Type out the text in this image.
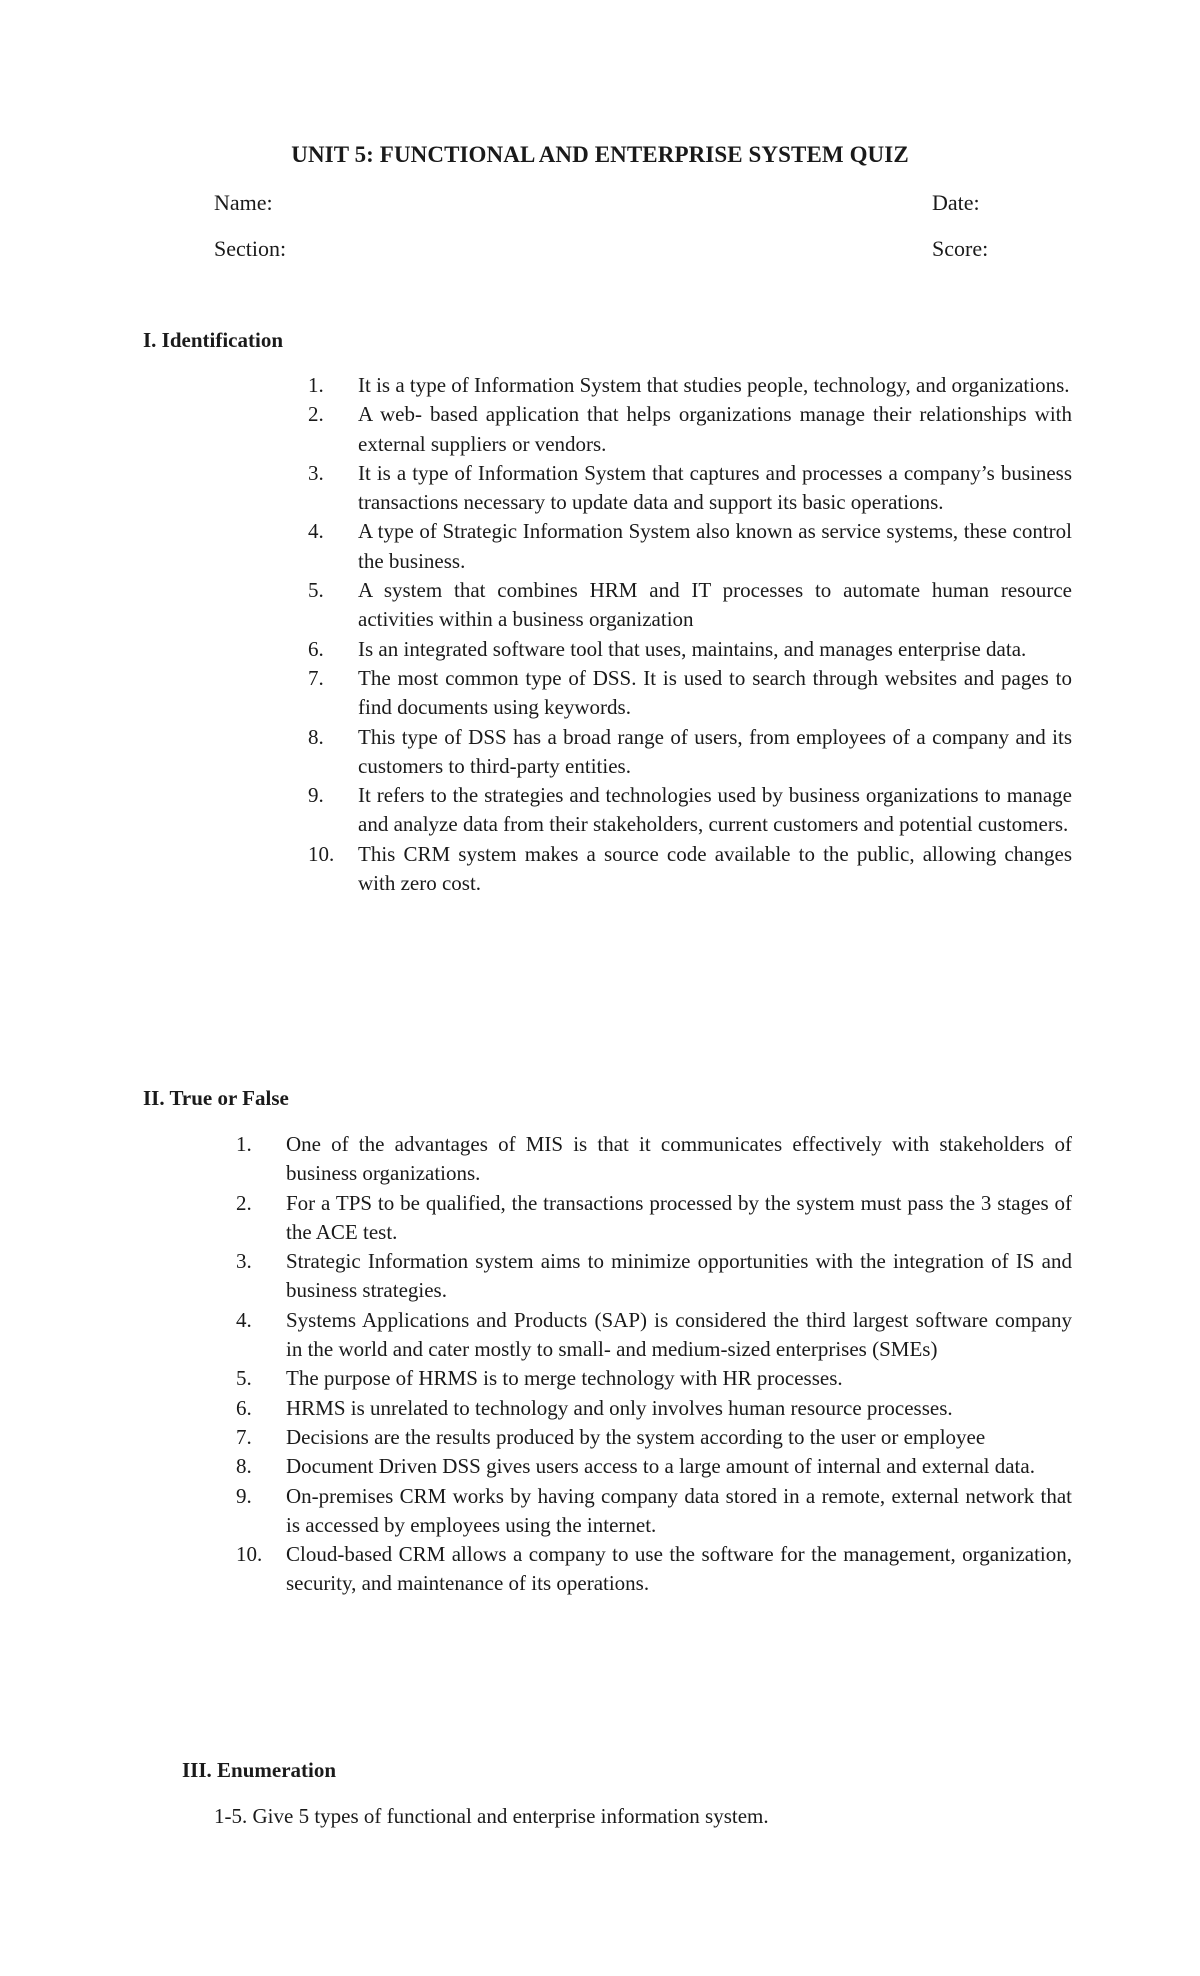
UNIT 5: FUNCTIONAL AND ENTERPRISE SYSTEM QUIZ
Name:	Date:
Section:	Score:
I. Identification
1.	It is a type of Information System that studies people, technology, and organizations.
2.	A web- based application that helps organizations manage their relationships with external suppliers or vendors.
3.	It is a type of Information System that captures and processes a company’s business transactions necessary to update data and support its basic operations.
4.	A type of Strategic Information System also known as service systems, these control the business.
5.	A system that combines HRM and IT processes to automate human resource activities within a business organization
6.	Is an integrated software tool that uses, maintains, and manages enterprise data.
7.	The most common type of DSS. It is used to search through websites and pages to find documents using keywords.
8.	This type of DSS has a broad range of users, from employees of a company and its customers to third-party entities.
9.	It refers to the strategies and technologies used by business organizations to manage and analyze data from their stakeholders, current customers and potential customers.
10.	This CRM system makes a source code available to the public, allowing changes with zero cost.
II. True or False
1.	One of the advantages of MIS is that it communicates effectively with stakeholders of business organizations.
2.	For a TPS to be qualified, the transactions processed by the system must pass the 3 stages of the ACE test.
3.	Strategic Information system aims to minimize opportunities with the integration of IS and business strategies.
4.	Systems Applications and Products (SAP) is considered the third largest software company in the world and cater mostly to small- and medium-sized enterprises (SMEs)
5.	The purpose of HRMS is to merge technology with HR processes.
6.	HRMS is unrelated to technology and only involves human resource processes.
7.	Decisions are the results produced by the system according to the user or employee
8.	Document Driven DSS gives users access to a large amount of internal and external data.
9.	On-premises CRM works by having company data stored in a remote, external network that is accessed by employees using the internet.
10.	Cloud-based CRM allows a company to use the software for the management, organization, security, and maintenance of its operations.
III. Enumeration
1-5. Give 5 types of functional and enterprise information system.
